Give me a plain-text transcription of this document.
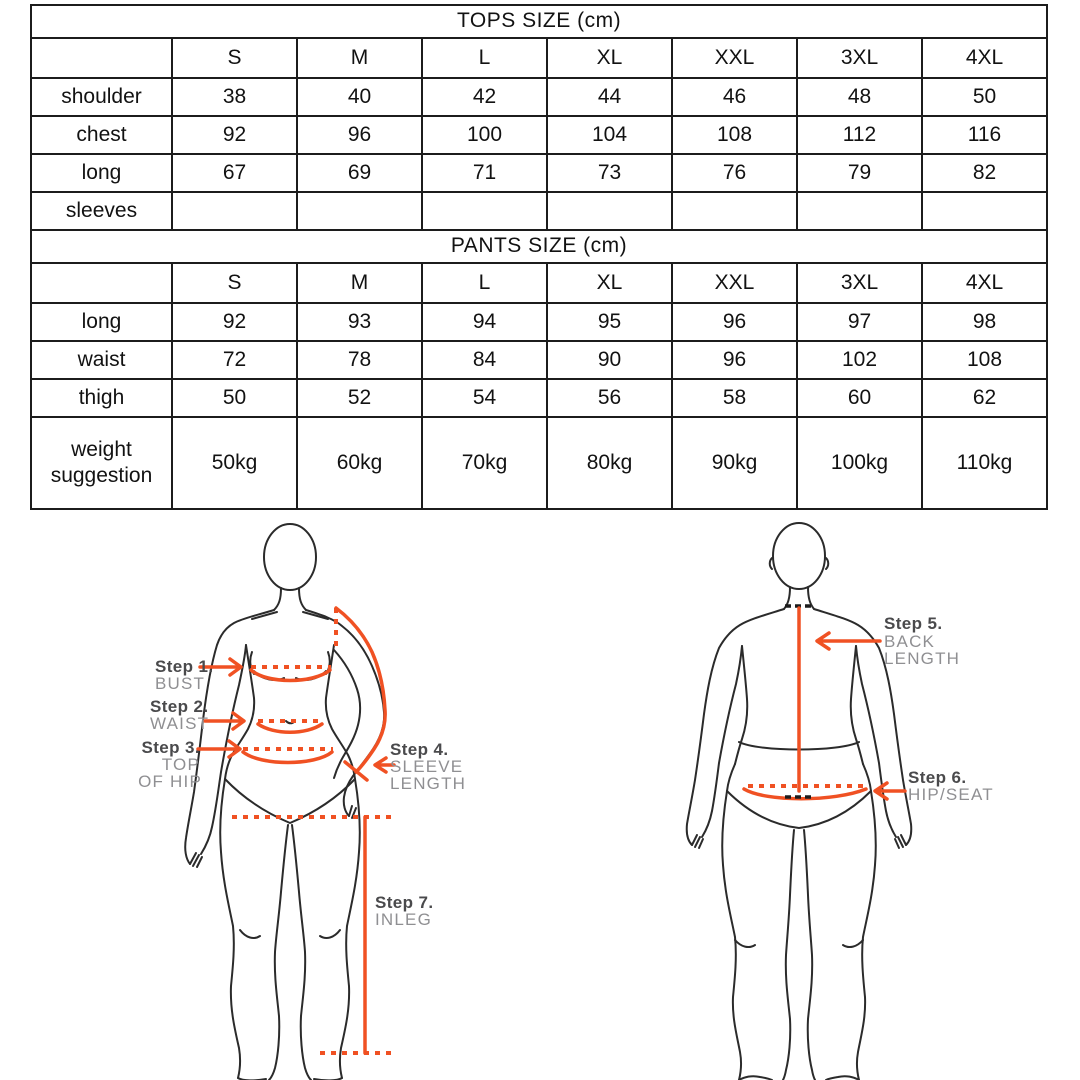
TOPS SIZE (cm)							
	S	M	L	XL	XXL	3XL	4XL
shoulder	38	40	42	44	46	48	50
chest	92	96	100	104	108	112	116
long	67	69	71	73	76	79	82
sleeves							
PANTS SIZE (cm)							
	S	M	L	XL	XXL	3XL	4XL
long	92	93	94	95	96	97	98
waist	72	78	84	90	96	102	108
thigh	50	52	54	56	58	60	62
weight suggestion	50kg	60kg	70kg	80kg	90kg	100kg	110kg
Step 1.
BUST
Step 2.
WAIST
Step 3.
TOP
OF HIP
Step 4.
SLEEVE
LENGTH
Step 7.
INLEG
Step 5.
BACK
LENGTH
Step 6.
HIP/SEAT
